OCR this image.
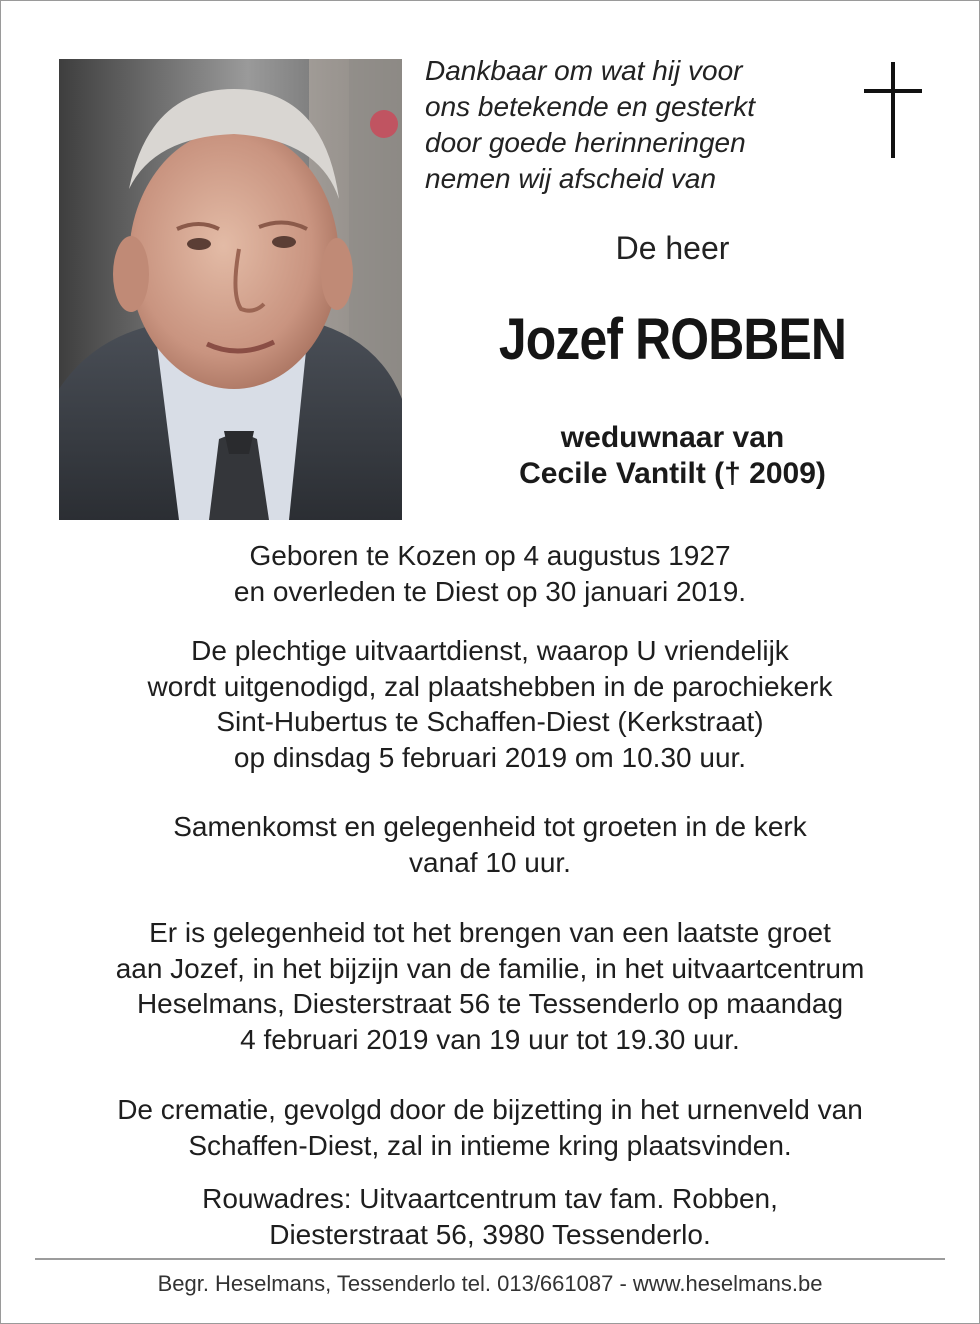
Dankbaar om wat hij voor
ons betekende en gesterkt
door goede herinneringen
nemen wij afscheid van
De heer
Jozef ROBBEN
weduwnaar van
Cecile Vantilt († 2009)
Geboren te Kozen op 4 augustus 1927
en overleden te Diest op 30 januari 2019.
De plechtige uitvaartdienst, waarop U vriendelijk
wordt uitgenodigd, zal plaatshebben in de parochiekerk
Sint-Hubertus te Schaffen-Diest (Kerkstraat)
op dinsdag 5 februari 2019 om 10.30 uur.
Samenkomst en gelegenheid tot groeten in de kerk
vanaf 10 uur.
Er is gelegenheid tot het brengen van een laatste groet
aan Jozef, in het bijzijn van de familie, in het uitvaartcentrum
Heselmans, Diesterstraat 56 te Tessenderlo op maandag
4 februari 2019 van 19 uur tot 19.30 uur.
De crematie, gevolgd door de bijzetting in het urnenveld van
Schaffen-Diest, zal in intieme kring plaatsvinden.
Rouwadres: Uitvaartcentrum tav fam. Robben,
Diesterstraat 56, 3980 Tessenderlo.
Begr. Heselmans, Tessenderlo tel. 013/661087 - www.heselmans.be
